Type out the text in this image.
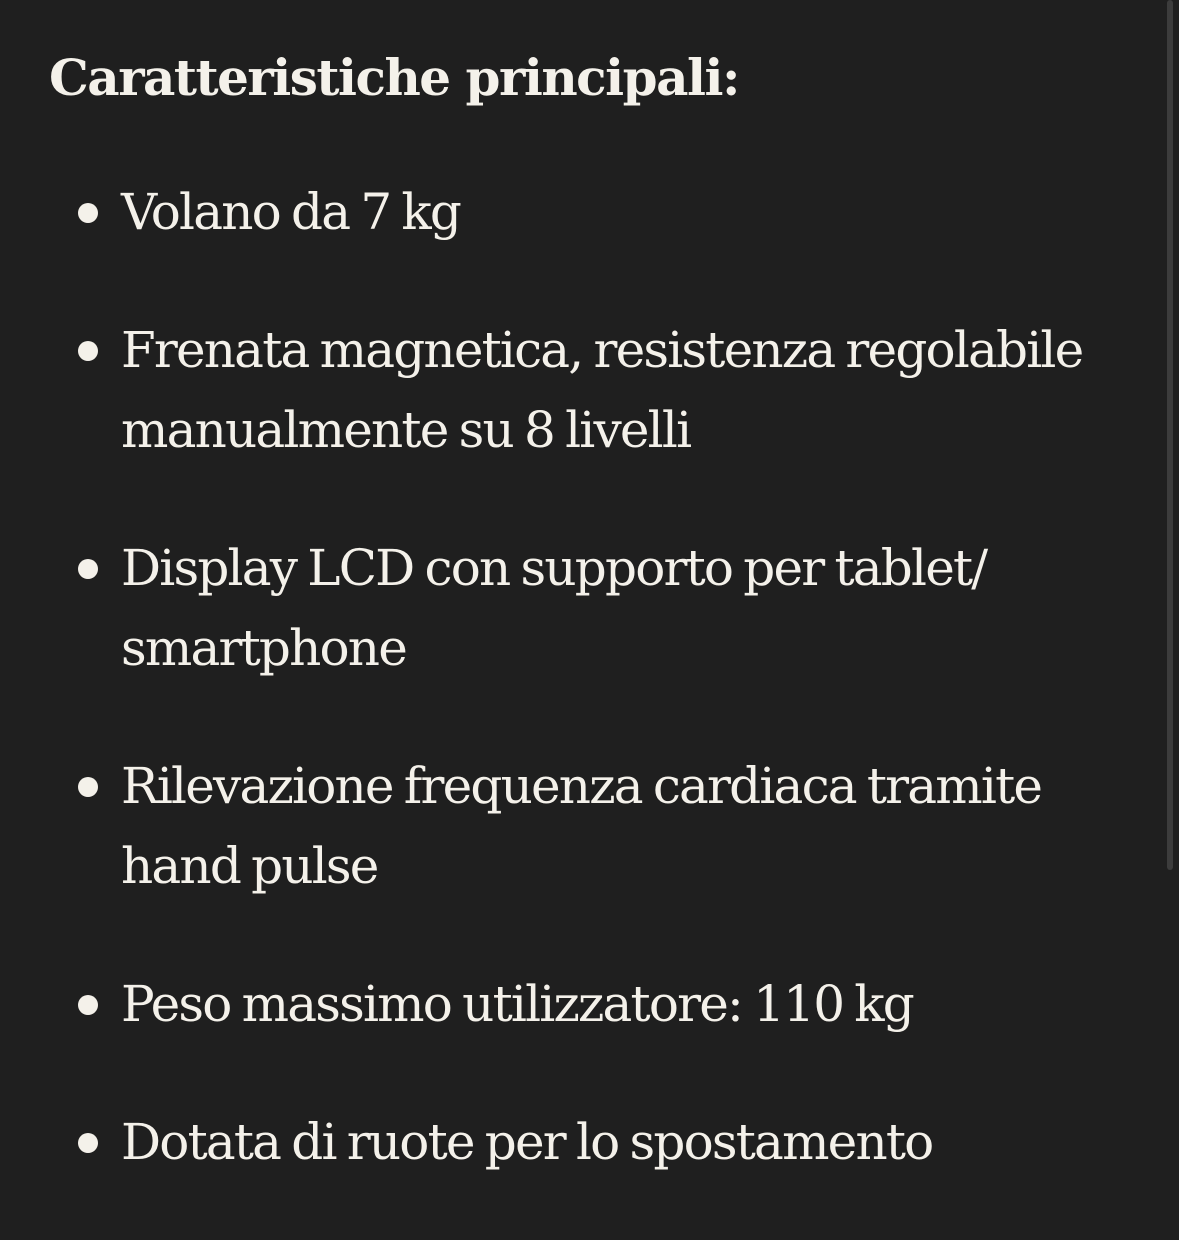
Caratteristiche principali:
Volano da 7 kg
Frenata magnetica, resistenza regolabile manualmente su 8 livelli
Display LCD con supporto per tablet/ smartphone
Rilevazione frequenza cardiaca tramite hand pulse
Peso massimo utilizzatore: 110 kg
Dotata di ruote per lo spostamento
